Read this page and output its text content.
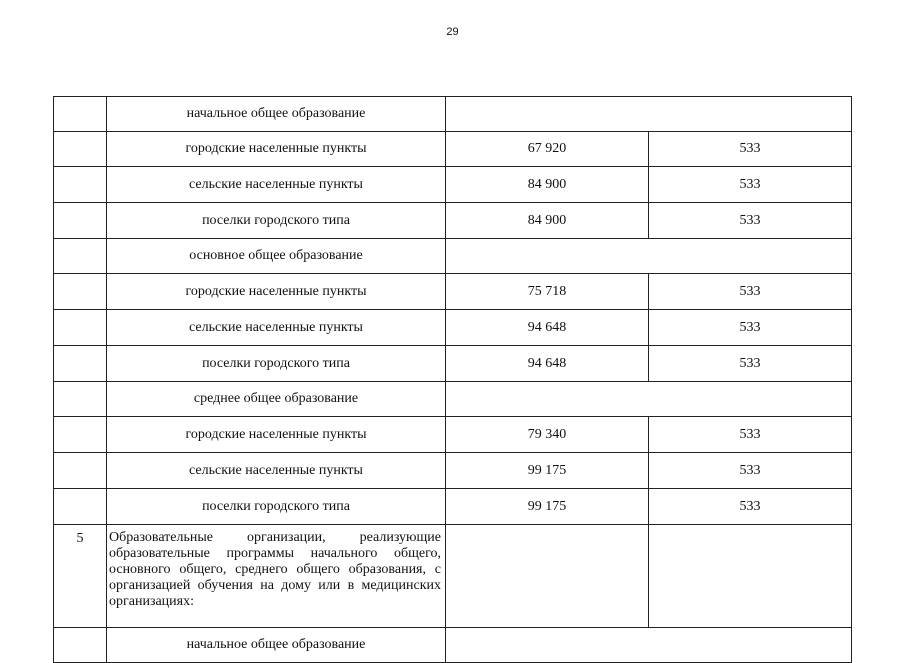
29
	начальное общее образование		
	городские населенные пункты	67 920	533
	сельские населенные пункты	84 900	533
	поселки городского типа	84 900	533
	основное общее образование		
	городские населенные пункты	75 718	533
	сельские населенные пункты	94 648	533
	поселки городского типа	94 648	533
	среднее общее образование		
	городские населенные пункты	79 340	533
	сельские населенные пункты	99 175	533
	поселки городского типа	99 175	533
5	Образовательные организации, реализующие образовательные программы начального общего, основного общего, среднего общего образования, с организацией обучения на дому или в медицинских организациях:		
	начальное общее образование		
